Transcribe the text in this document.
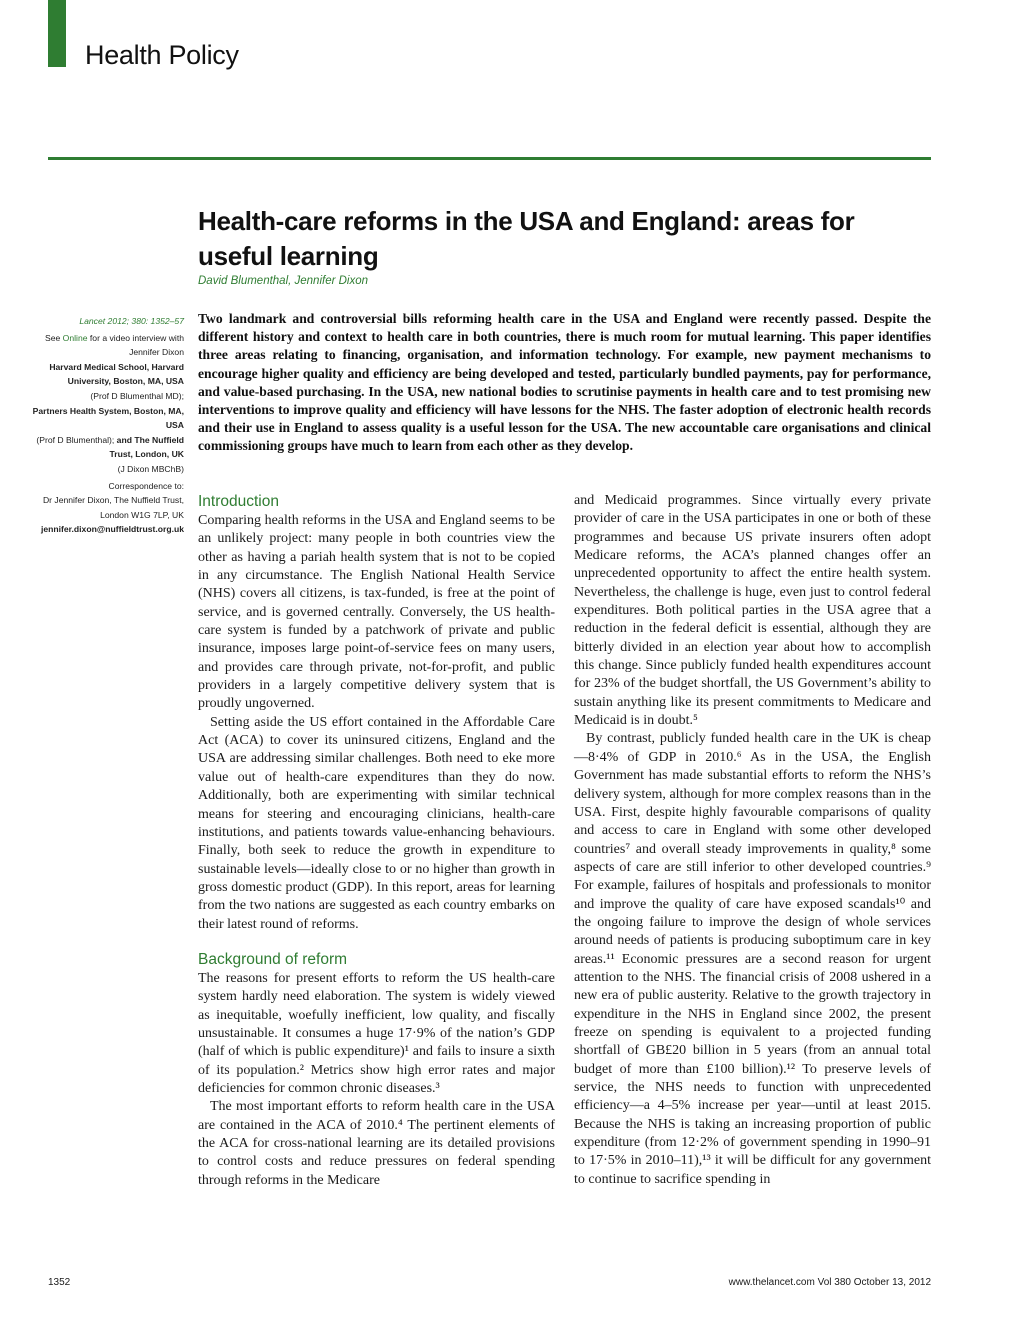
Health Policy
Health-care reforms in the USA and England: areas for useful learning
David Blumenthal, Jennifer Dixon

Lancet 2012; 380: 1352–57

See Online for a video interview with Jennifer Dixon

Harvard Medical School, Harvard University, Boston, MA, USA

(Prof D Blumenthal MD);

Partners Health System, Boston, MA, USA

(Prof D Blumenthal); and The Nuffield Trust, London, UK

(J Dixon MBChB)

Correspondence to:

Dr Jennifer Dixon, The Nuffield Trust, London W1G 7LP, UK

jennifer.dixon@nuffieldtrust.org.uk

Two landmark and controversial bills reforming health care in the USA and England were recently passed. Despite the different history and context to health care in both countries, there is much room for mutual learning. This paper identifies three areas relating to financing, organisation, and information technology. For example, new payment mechanisms to encourage higher quality and efficiency are being developed and tested, particularly bundled payments, pay for performance, and value-based purchasing. In the USA, new national bodies to scrutinise payments in health care and to test promising new interventions to improve quality and efficiency will have lessons for the NHS. The faster adoption of electronic health records and their use in England to assess quality is a useful lesson for the USA. The new accountable care organisations and clinical commissioning groups have much to learn from each other as they develop.

Introduction

Comparing health reforms in the USA and England seems to be an unlikely project: many people in both countries view the other as having a pariah health system that is not to be copied in any circumstance. The English National Health Service (NHS) covers all citizens, is tax-funded, is free at the point of service, and is governed centrally. Conversely, the US health-care system is funded by a patchwork of private and public insurance, imposes large point-of-service fees on many users, and provides care through private, not-for-profit, and public providers in a largely competitive delivery system that is proudly ungoverned.

Setting aside the US effort contained in the Affordable Care Act (ACA) to cover its uninsured citizens, England and the USA are addressing similar challenges. Both need to eke more value out of health-care expenditures than they do now. Additionally, both are experimenting with similar technical means for steering and encouraging clinicians, health-care institutions, and patients towards value-enhancing behaviours. Finally, both seek to reduce the growth in expenditure to sustainable levels—ideally close to or no higher than growth in gross domestic product (GDP). In this report, areas for learning from the two nations are suggested as each country embarks on their latest round of reforms.

Background of reform

The reasons for present efforts to reform the US health-care system hardly need elaboration. The system is widely viewed as inequitable, woefully inefficient, low quality, and fiscally unsustainable. It consumes a huge 17·9% of the nation’s GDP (half of which is public expenditure)¹ and fails to insure a sixth of its population.² Metrics show high error rates and major deficiencies for common chronic diseases.³

The most important efforts to reform health care in the USA are contained in the ACA of 2010.⁴ The pertinent elements of the ACA for cross-national learning are its detailed provisions to control costs and reduce pressures on federal spending through reforms in the Medicare

and Medicaid programmes. Since virtually every private provider of care in the USA participates in one or both of these programmes and because US private insurers often adopt Medicare reforms, the ACA’s planned changes offer an unprecedented opportunity to affect the entire health system. Nevertheless, the challenge is huge, even just to control federal expenditures. Both political parties in the USA agree that a reduction in the federal deficit is essential, although they are bitterly divided in an election year about how to accomplish this change. Since publicly funded health expenditures account for 23% of the budget shortfall, the US Government’s ability to sustain anything like its present commitments to Medicare and Medicaid is in doubt.⁵

By contrast, publicly funded health care in the UK is cheap—8·4% of GDP in 2010.⁶ As in the USA, the English Government has made substantial efforts to reform the NHS’s delivery system, although for more complex reasons than in the USA. First, despite highly favourable comparisons of quality and access to care in England with some other developed countries⁷ and overall steady improvements in quality,⁸ some aspects of care are still inferior to other developed countries.⁹ For example, failures of hospitals and professionals to monitor and improve the quality of care have exposed scandals¹⁰ and the ongoing failure to improve the design of whole services around needs of patients is producing suboptimum care in key areas.¹¹ Economic pressures are a second reason for urgent attention to the NHS. The financial crisis of 2008 ushered in a new era of public austerity. Relative to the growth trajectory in expenditure in the NHS in England since 2002, the present freeze on spending is equivalent to a projected funding shortfall of GB£20 billion in 5 years (from an annual total budget of more than £100 billion).¹² To preserve levels of service, the NHS needs to function with unprecedented efficiency—a 4–5% increase per year—until at least 2015. Because the NHS is taking an increasing proportion of public expenditure (from 12·2% of government spending in 1990–91 to 17·5% in 2010–11),¹³ it will be difficult for any government to continue to sacrifice spending in

1352	www.thelancet.com Vol 380 October 13, 2012
